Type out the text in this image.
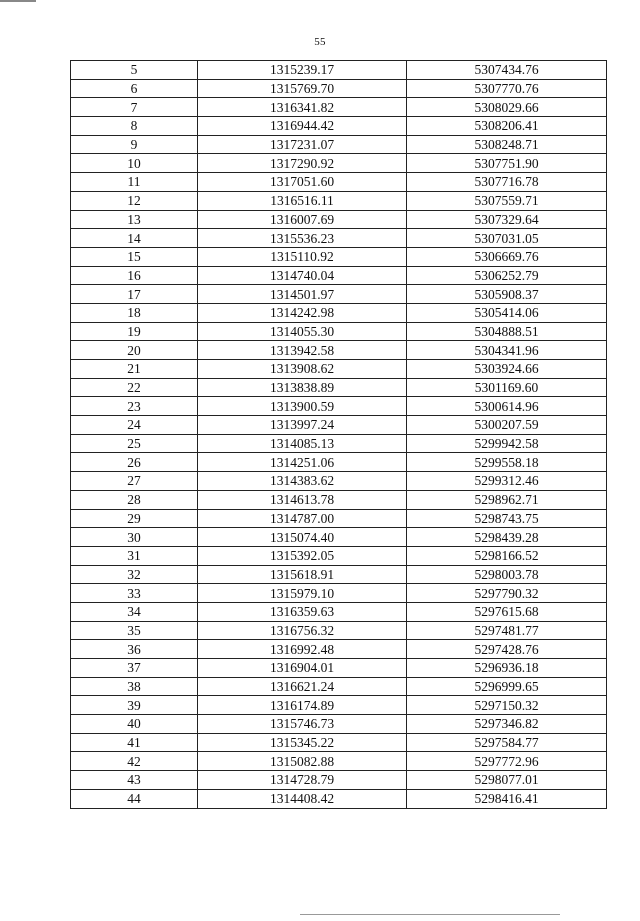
55
5	1315239.17	5307434.76
6	1315769.70	5307770.76
7	1316341.82	5308029.66
8	1316944.42	5308206.41
9	1317231.07	5308248.71
10	1317290.92	5307751.90
11	1317051.60	5307716.78
12	1316516.11	5307559.71
13	1316007.69	5307329.64
14	1315536.23	5307031.05
15	1315110.92	5306669.76
16	1314740.04	5306252.79
17	1314501.97	5305908.37
18	1314242.98	5305414.06
19	1314055.30	5304888.51
20	1313942.58	5304341.96
21	1313908.62	5303924.66
22	1313838.89	5301169.60
23	1313900.59	5300614.96
24	1313997.24	5300207.59
25	1314085.13	5299942.58
26	1314251.06	5299558.18
27	1314383.62	5299312.46
28	1314613.78	5298962.71
29	1314787.00	5298743.75
30	1315074.40	5298439.28
31	1315392.05	5298166.52
32	1315618.91	5298003.78
33	1315979.10	5297790.32
34	1316359.63	5297615.68
35	1316756.32	5297481.77
36	1316992.48	5297428.76
37	1316904.01	5296936.18
38	1316621.24	5296999.65
39	1316174.89	5297150.32
40	1315746.73	5297346.82
41	1315345.22	5297584.77
42	1315082.88	5297772.96
43	1314728.79	5298077.01
44	1314408.42	5298416.41
